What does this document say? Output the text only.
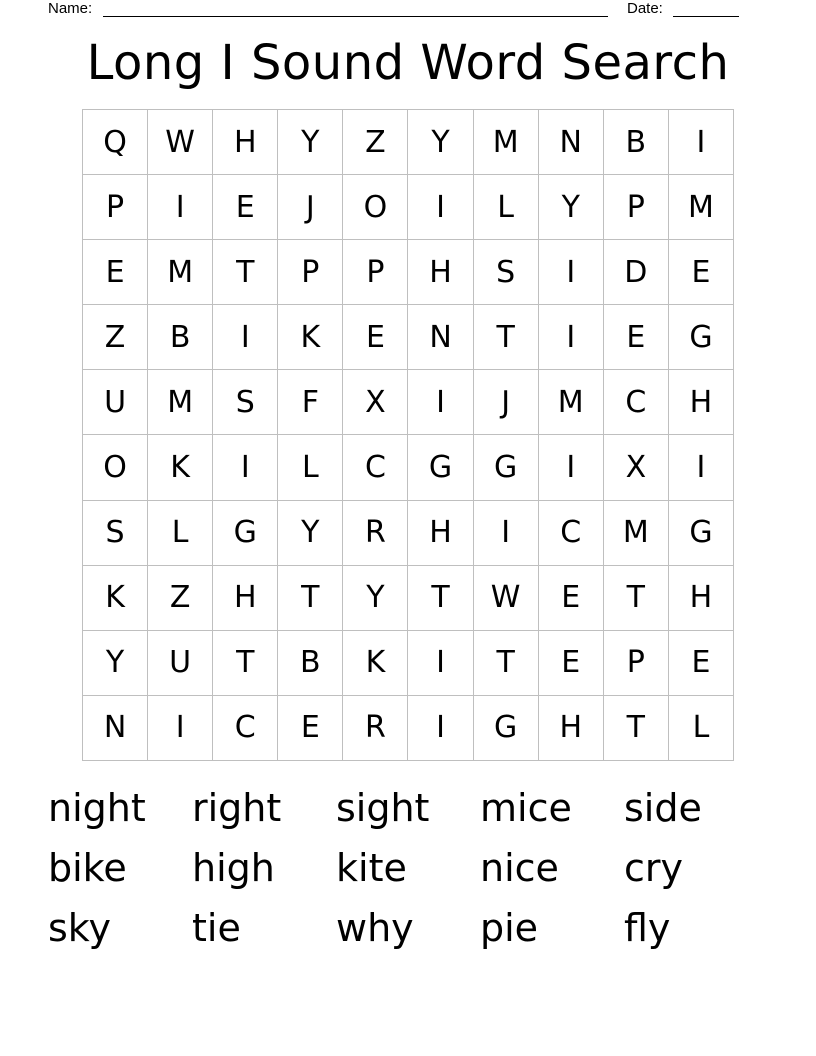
Name:	Date:
Long I Sound Word Search
Q	W	H	Y	Z	Y	M	N	B	I
P	I	E	J	O	I	L	Y	P	M
E	M	T	P	P	H	S	I	D	E
Z	B	I	K	E	N	T	I	E	G
U	M	S	F	X	I	J	M	C	H
O	K	I	L	C	G	G	I	X	I
S	L	G	Y	R	H	I	C	M	G
K	Z	H	T	Y	T	W	E	T	H
Y	U	T	B	K	I	T	E	P	E
N	I	C	E	R	I	G	H	T	L
night	right	sight	mice	side
bike	high	kite	nice	cry
sky	tie	why	pie	fly
